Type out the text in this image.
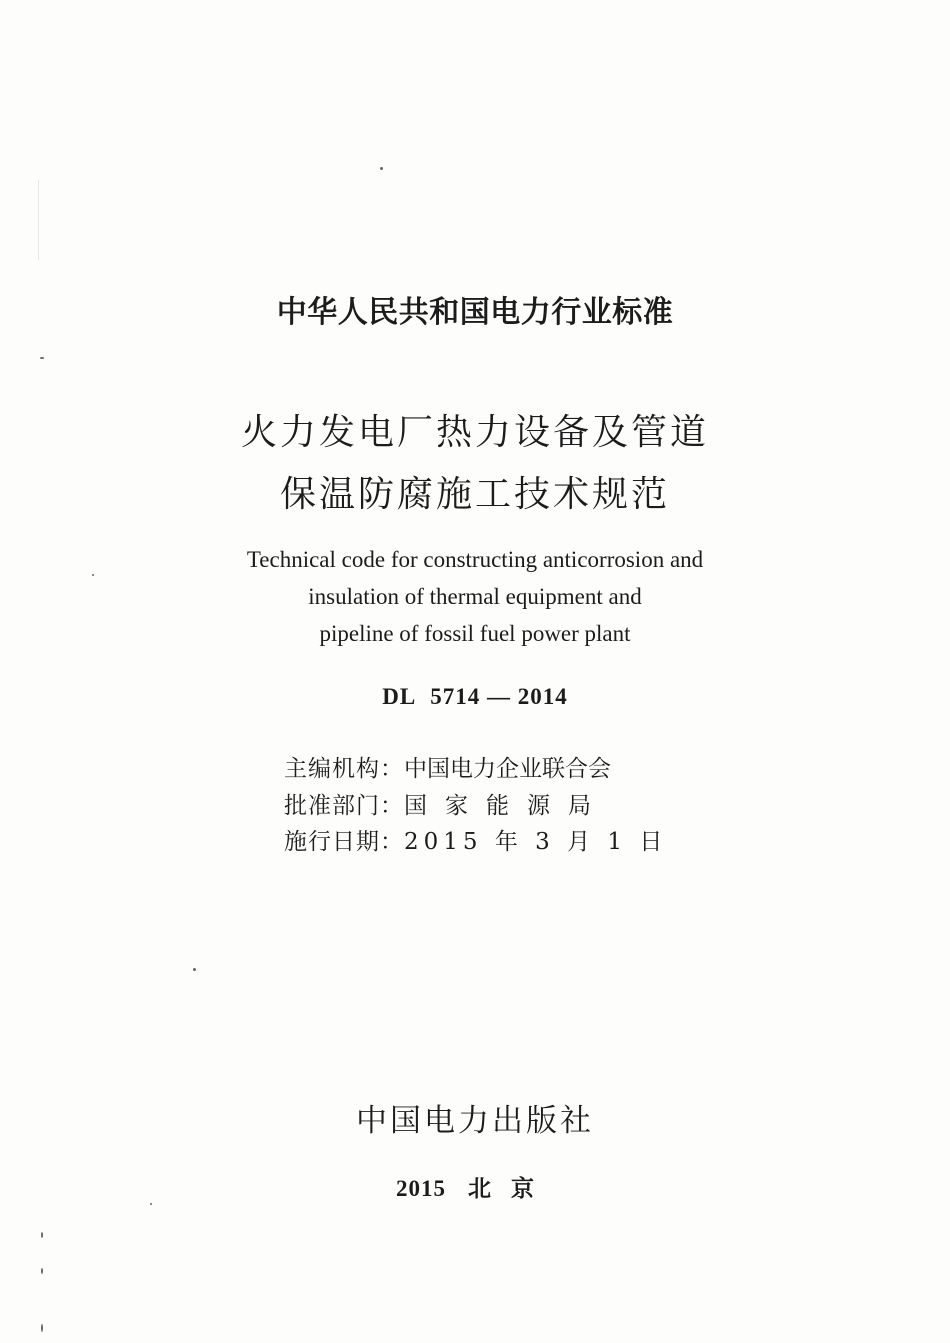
中华人民共和国电力行业标准
火力发电厂热力设备及管道
保温防腐施工技术规范
Technical code for constructing anticorrosion and
insulation of thermal equipment and
pipeline of fossil fuel power plant
DL 5714 — 2014
主编机构：中国电力企业联合会
批准部门：国家能源局
施行日期：2015 年 3 月 1 日
中国电力出版社
2015 北京
